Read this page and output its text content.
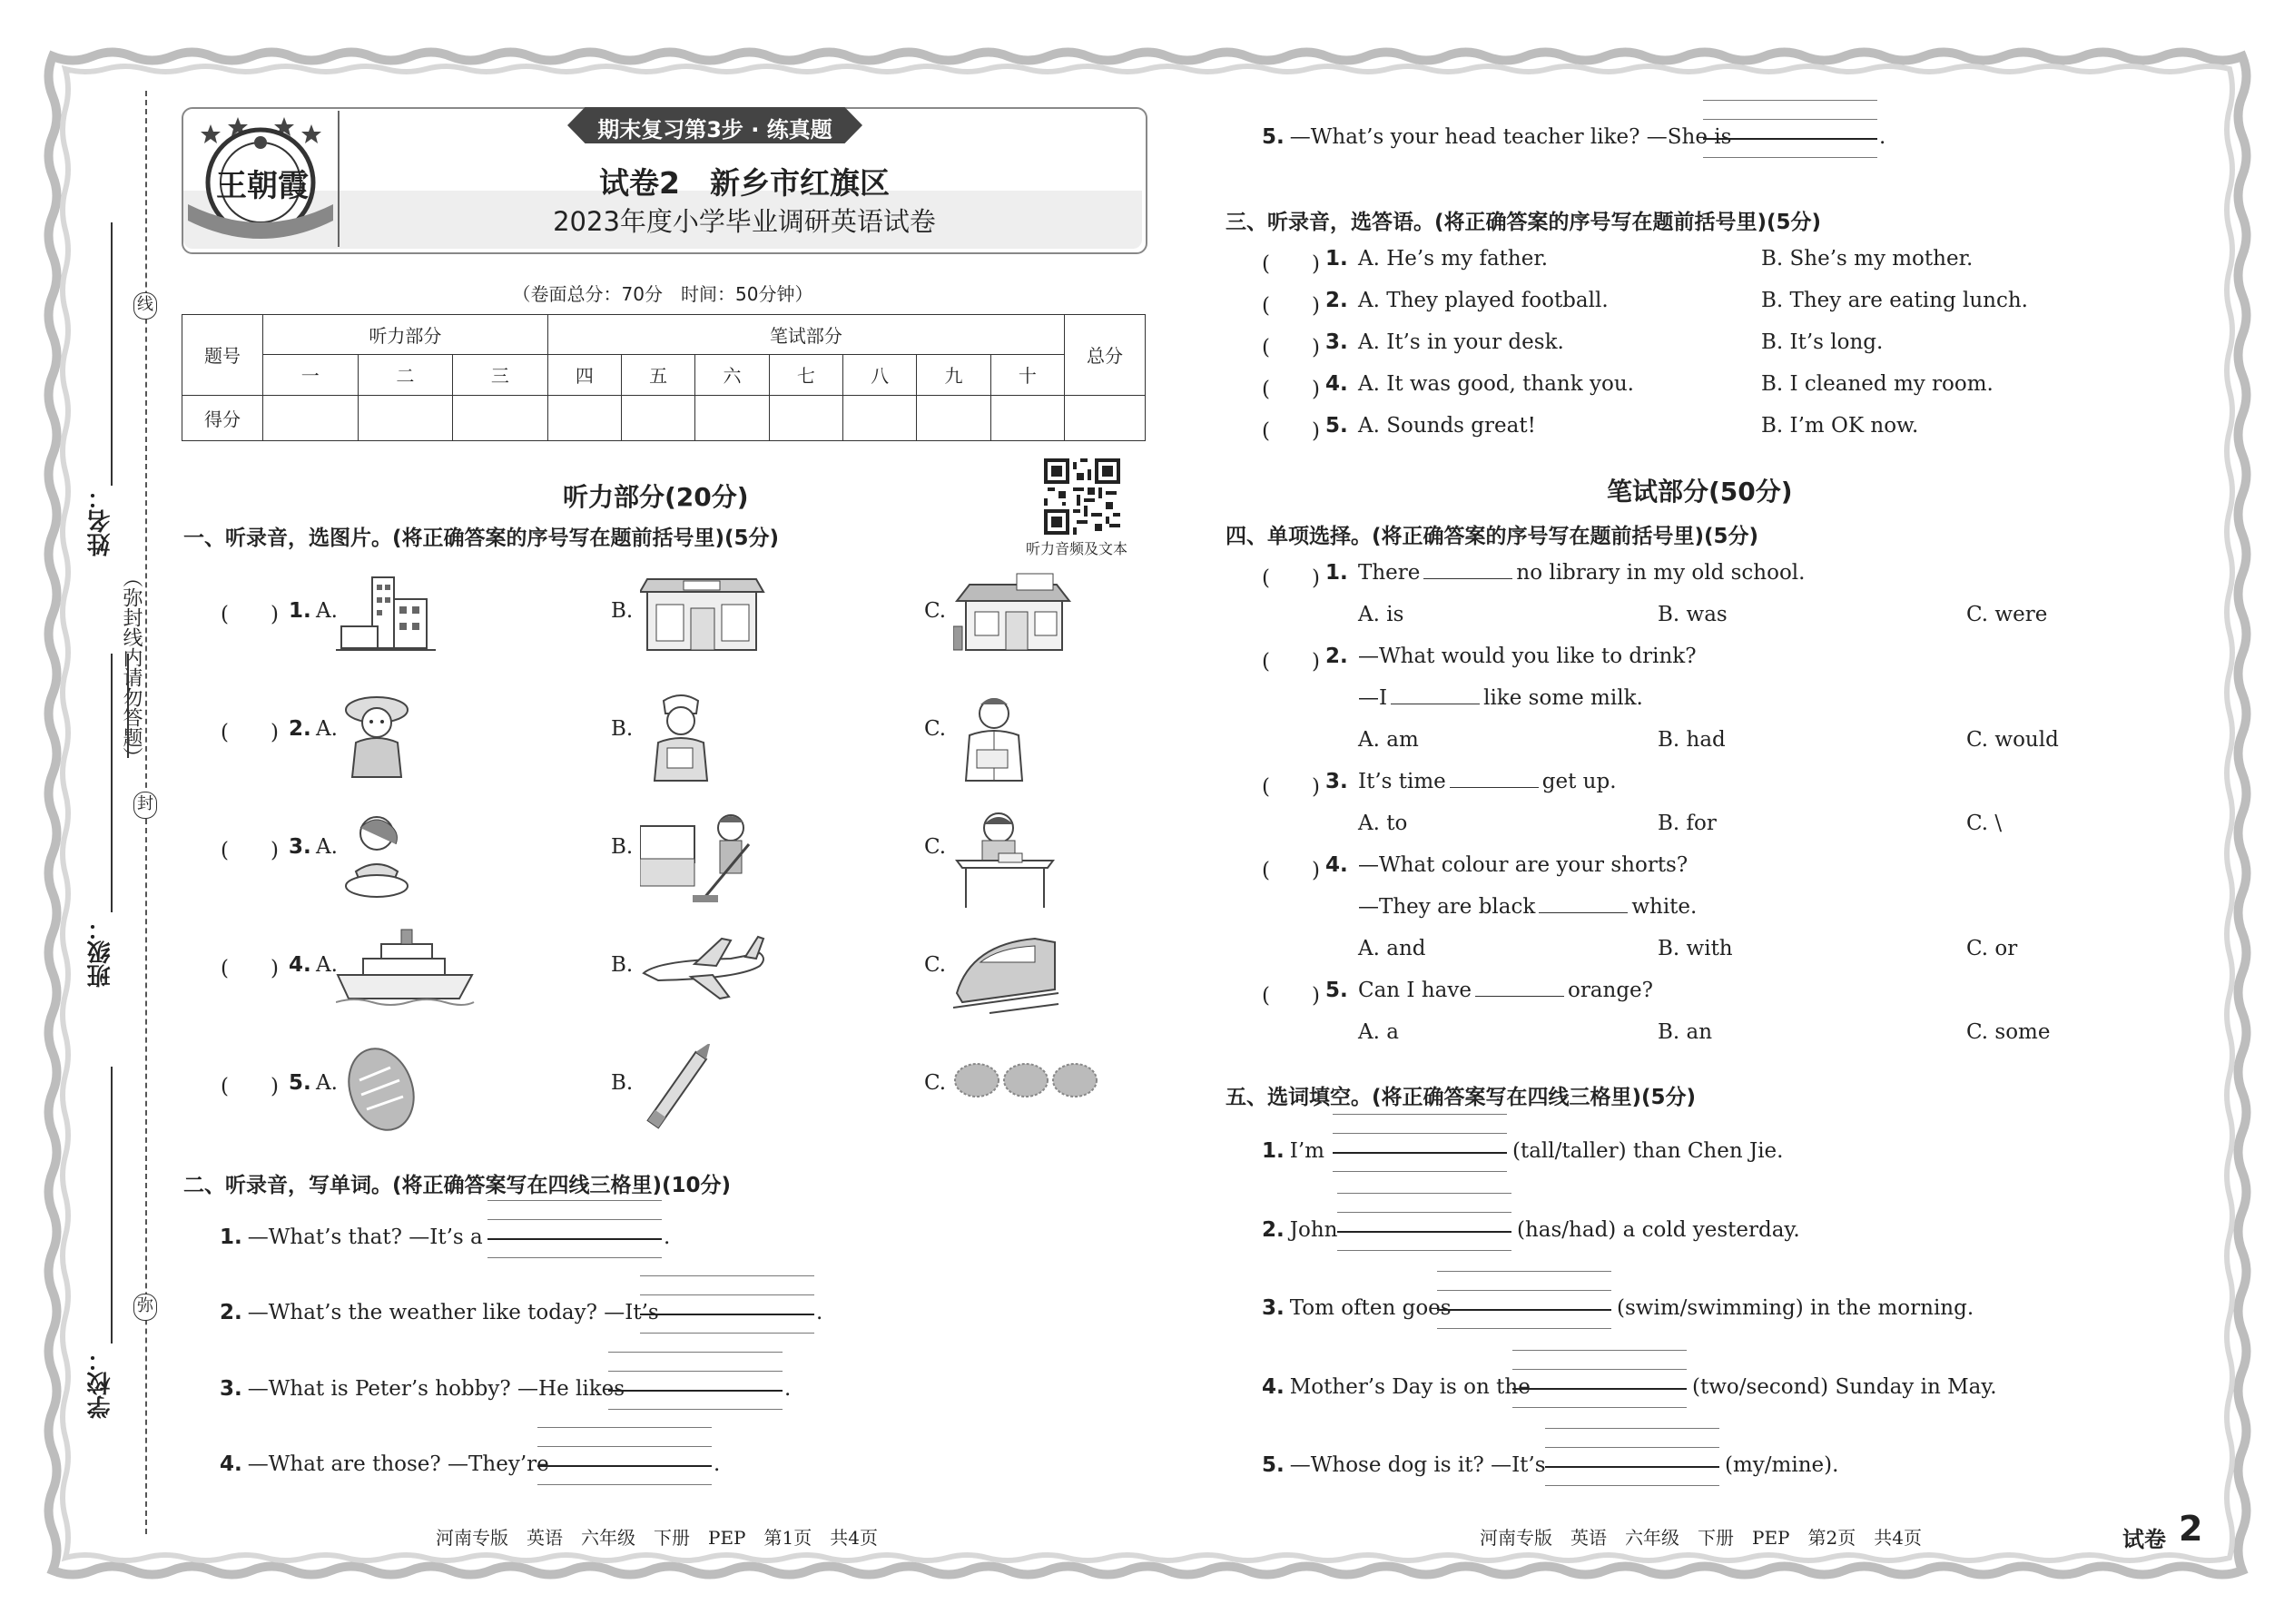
姓名：
班级：
学校：
（弥封线内请勿答题）
线
封
弥
王朝霞
期末复习第3步 · 练真题
试卷2　新乡市红旗区
2023年度小学毕业调研英语试卷
（卷面总分：70分　时间：50分钟）
题号	听力部分			笔试部分							总分
	一	二	三	四	五	六	七	八	九	十	
得分											
听力部分(20分)
听力音频及文本
一、听录音，选图片。(将正确答案的序号写在题前括号里)(5分)
二、听录音，写单词。(将正确答案写在四线三格里)(10分)
三、听录音，选答语。(将正确答案的序号写在题前括号里)(5分)
笔试部分(50分)
四、单项选择。(将正确答案的序号写在题前括号里)(5分)
五、选词填空。(将正确答案写在四线三格里)(5分)
河南专版　英语　六年级　下册　PEP　第1页　共4页	河南专版　英语　六年级　下册　PEP　第2页　共4页	试卷 2
(　　) 1. A.	B.	C.
(　　) 2. A.	B.	C.
(　　) 3. A.	B.	C.
(　　) 4. A.	B.	C.
(　　) 5. A.	B.	C.
1. —What’s that? —It’s a	.
2. —What’s the weather like today? —It’s	.
3. —What is Peter’s hobby? —He likes	.
4. —What are those? —They’re	.
5. —What’s your head teacher like? —She is	.
(　　) 1. A. He’s my father.	B. She’s my mother.
(　　) 2. A. They played football.	B. They are eating lunch.
(　　) 3. A. It’s in your desk.	B. It’s long.
(　　) 4. A. It was good, thank you.	B. I cleaned my room.
(　　) 5. A. Sounds great!	B. I’m OK now.
(　　) 1. There	no library in my old school.
A. is	B. was	C. were
(　　) 2. —What would you like to drink?
—I	like some milk.
A. am	B. had	C. would
(　　) 3. It’s time	get up.
A. to	B. for	C. \
(　　) 4. —What colour are your shorts?
—They are black	white.
A. and	B. with	C. or
(　　) 5. Can I have	orange?
A. a	B. an	C. some
1. I’m	(tall/taller) than Chen Jie.
2. John	(has/had) a cold yesterday.
3. Tom often goes	(swim/swimming) in the morning.
4. Mother’s Day is on the	(two/second) Sunday in May.
5. —Whose dog is it? —It’s	(my/mine).
